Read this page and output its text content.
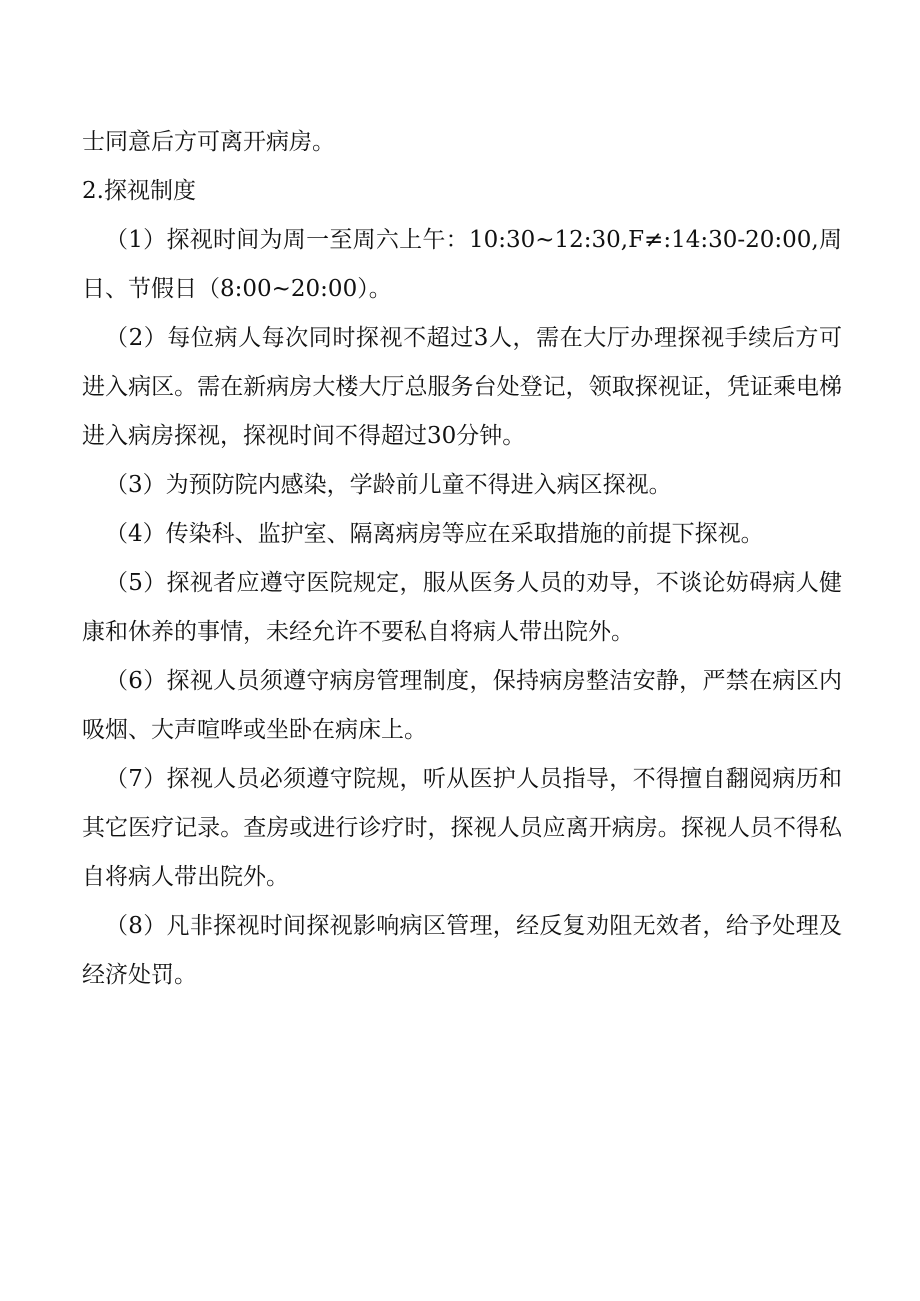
士同意后方可离开病房。

2.探视制度

（1）探视时间为周一至周六上午：10:30~12:30,F≠:14:30-20:00,周日、节假日（8:00~20:00）。

（2）每位病人每次同时探视不超过3人，需在大厅办理探视手续后方可进入病区。需在新病房大楼大厅总服务台处登记，领取探视证，凭证乘电梯进入病房探视，探视时间不得超过30分钟。

（3）为预防院内感染，学龄前儿童不得进入病区探视。

（4）传染科、监护室、隔离病房等应在采取措施的前提下探视。

（5）探视者应遵守医院规定，服从医务人员的劝导，不谈论妨碍病人健康和休养的事情，未经允许不要私自将病人带出院外。

（6）探视人员须遵守病房管理制度，保持病房整洁安静，严禁在病区内吸烟、大声喧哗或坐卧在病床上。

（7）探视人员必须遵守院规，听从医护人员指导，不得擅自翻阅病历和其它医疗记录。查房或进行诊疗时，探视人员应离开病房。探视人员不得私自将病人带出院外。

（8）凡非探视时间探视影响病区管理，经反复劝阻无效者，给予处理及经济处罚。
